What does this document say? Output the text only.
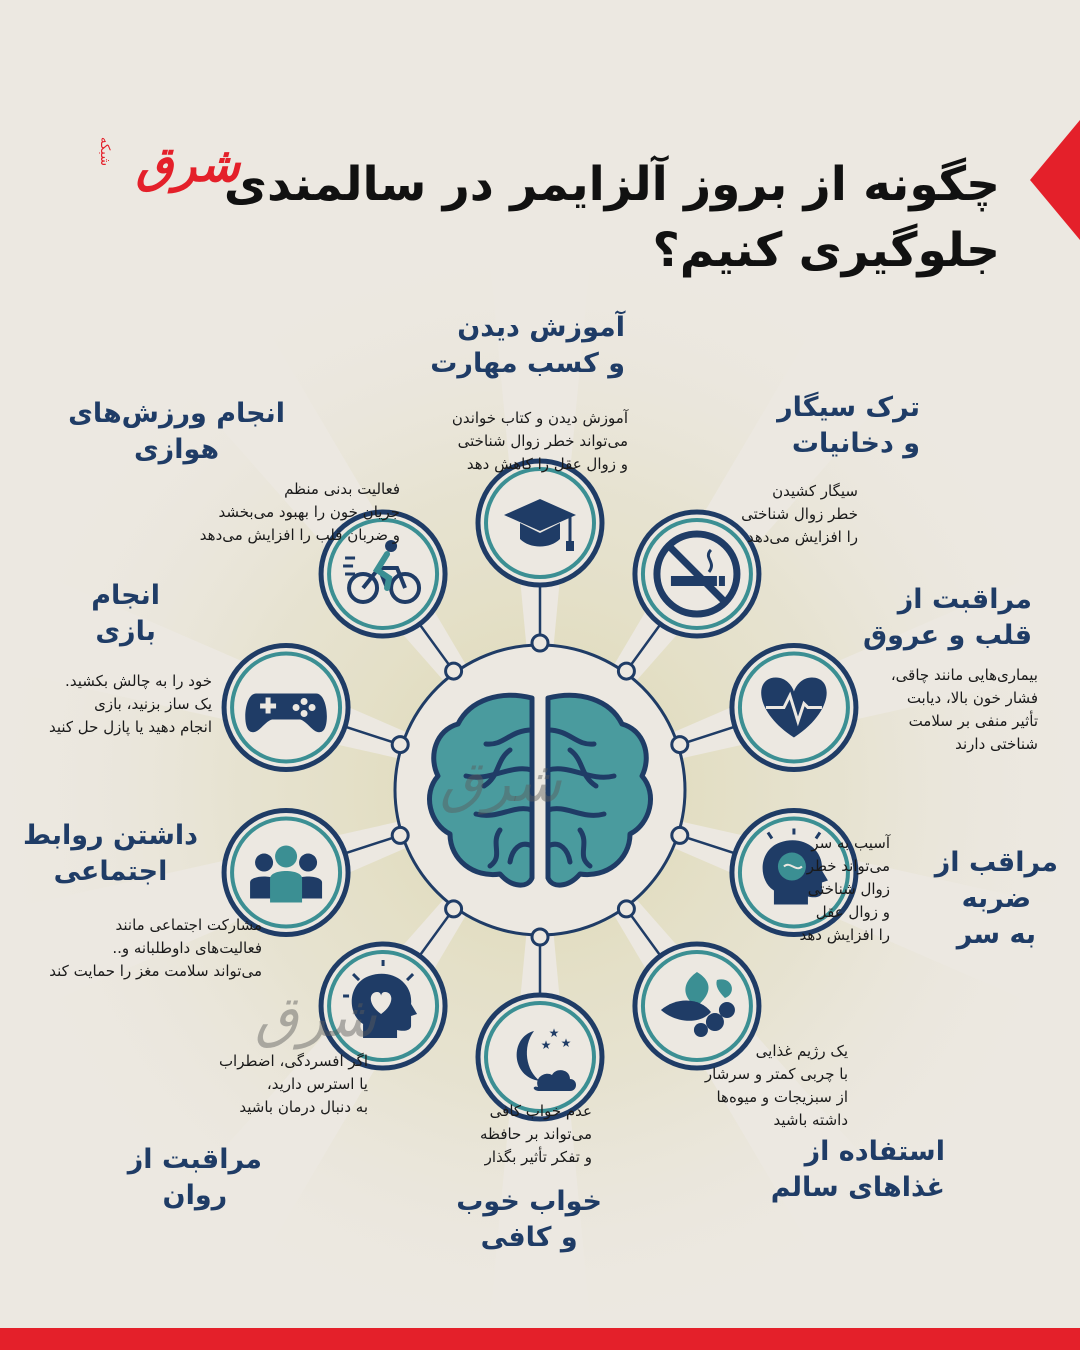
شرق
شبکه
چگونه از بروز آلزایمر در سالمندی
جلوگیری کنیم؟
★
★
★
شرق
شرق
آموزش دیدن
و کسب مهارت
آموزش دیدن و کتاب خواندن
می‌تواند خطر زوال شناختی
و زوال عقل را کاهش دهد
ترک سیگار
و دخانیات
سیگار کشیدن
خطر زوال شناختی
را افزایش می‌دهد
مراقبت از
قلب و عروق
بیماری‌هایی مانند چاقی،
فشار خون بالا، دیابت
تأثیر منفی بر سلامت
شناختی دارند
مراقب از
ضربه
به سر
آسیب به سر
می‌تواند خطر
زوال شناختی
و زوال عقل
را افزایش دهد
یک رژیم غذایی
با چربی کمتر و سرشار
از سبزیجات و میوه‌ها
داشته باشید
استفاده از
غذاهای سالم
عدم خواب کافی
می‌تواند بر حافظه
و تفکر تأثیر بگذار
خواب خوب
و کافی
اگر افسردگی، اضطراب
یا استرس دارید،
به دنبال درمان باشید
مراقبت از
روان
داشتن روابط
اجتماعی
مشارکت اجتماعی مانند
فعالیت‌های داوطلبانه و..
می‌تواند سلامت مغز را حمایت کند
انجام
بازی
خود را به چالش بکشید.
یک ساز بزنید، بازی
انجام دهید یا پازل حل کنید
انجام ورزش‌های
هوازی
فعالیت بدنی منظم
جریان خون را بهبود می‌بخشد
و ضربان قلب را افزایش می‌دهد
